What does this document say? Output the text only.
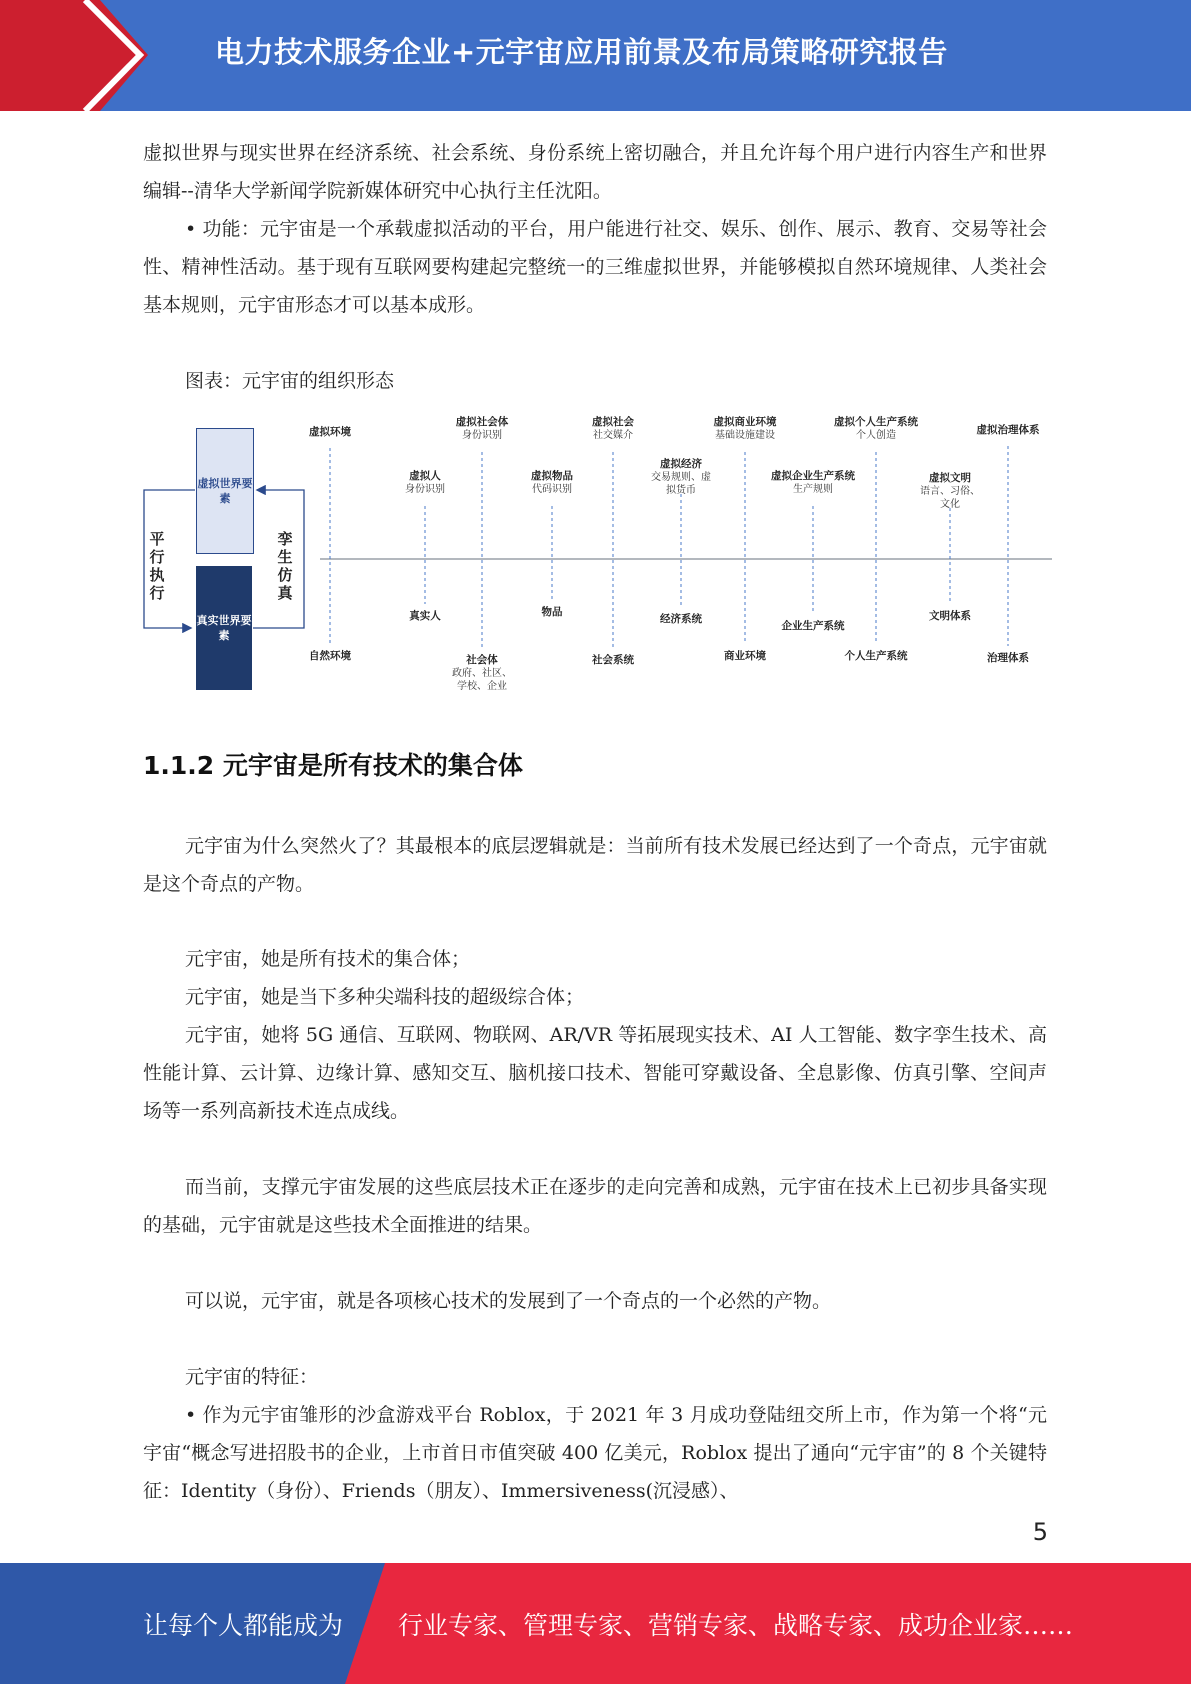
电力技术服务企业+元宇宙应用前景及布局策略研究报告

虚拟世界与现实世界在经济系统、社会系统、身份系统上密切融合，并且允许每个用户进行内容生产和世界编辑--清华大学新闻学院新媒体研究中心执行主任沈阳。

• 功能：元宇宙是一个承载虚拟活动的平台，用户能进行社交、娱乐、创作、展示、教育、交易等社会性、精神性活动。基于现有互联网要构建起完整统一的三维虚拟世界，并能够模拟自然环境规律、人类社会基本规则，元宇宙形态才可以基本成形。

图表：元宇宙的组织形态
虚拟世界要素
真实世界要素
平行执行
孪生仿真
虚拟环境
虚拟人
身份识别
虚拟社会体
身份识别
虚拟物品
代码识别
虚拟社会
社交媒介
虚拟经济
交易规则、虚拟货币
虚拟商业环境
基础设施建设
虚拟企业生产系统
生产规则
虚拟个人生产系统
个人创造
虚拟文明
语言、习俗、文化
虚拟治理体系
自然环境
真实人
社会体
政府、社区、学校、企业
物品
社会系统
经济系统
商业环境
企业生产系统
个人生产系统
文明体系
治理体系
1.1.2 元宇宙是所有技术的集合体

元宇宙为什么突然火了？其最根本的底层逻辑就是：当前所有技术发展已经达到了一个奇点，元宇宙就是这个奇点的产物。

元宇宙，她是所有技术的集合体；

元宇宙，她是当下多种尖端科技的超级综合体；

元宇宙，她将 5G 通信、互联网、物联网、AR/VR 等拓展现实技术、AI 人工智能、数字孪生技术、高性能计算、云计算、边缘计算、感知交互、脑机接口技术、智能可穿戴设备、全息影像、仿真引擎、空间声场等一系列高新技术连点成线。

而当前，支撑元宇宙发展的这些底层技术正在逐步的走向完善和成熟，元宇宙在技术上已初步具备实现的基础，元宇宙就是这些技术全面推进的结果。

可以说，元宇宙，就是各项核心技术的发展到了一个奇点的一个必然的产物。

元宇宙的特征：

• 作为元宇宙雏形的沙盒游戏平台 Roblox，于 2021 年 3 月成功登陆纽交所上市，作为第一个将“元宇宙“概念写进招股书的企业，上市首日市值突破 400 亿美元，Roblox 提出了通向“元宇宙”的 8 个关键特征：Identity（身份）、Friends（朋友）、Immersiveness(沉浸感）、

5
让每个人都能成为 行业专家、管理专家、营销专家、战略专家、成功企业家……
